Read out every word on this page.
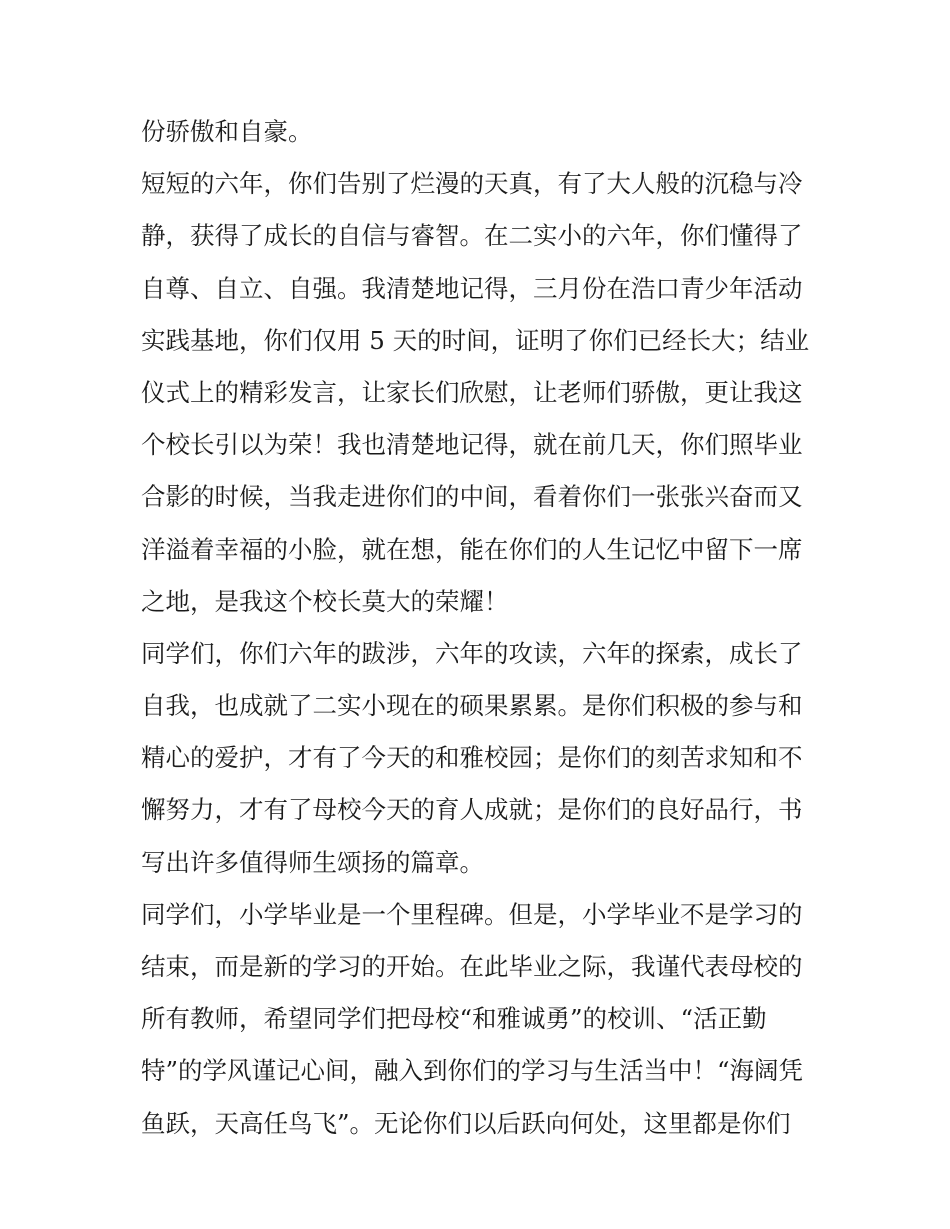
份骄傲和自豪。
短短的六年，你们告别了烂漫的天真，有了大人般的沉稳与冷
静，获得了成长的自信与睿智。在二实小的六年，你们懂得了
自尊、自立、自强。我清楚地记得，三月份在浩口青少年活动
实践基地，你们仅用 5 天的时间，证明了你们已经长大；结业
仪式上的精彩发言，让家长们欣慰，让老师们骄傲，更让我这
个校长引以为荣！我也清楚地记得，就在前几天，你们照毕业
合影的时候，当我走进你们的中间，看着你们一张张兴奋而又
洋溢着幸福的小脸，就在想，能在你们的人生记忆中留下一席
之地，是我这个校长莫大的荣耀！
同学们，你们六年的跋涉，六年的攻读，六年的探索，成长了
自我，也成就了二实小现在的硕果累累。是你们积极的参与和
精心的爱护，才有了今天的和雅校园；是你们的刻苦求知和不
懈努力，才有了母校今天的育人成就；是你们的良好品行，书
写出许多值得师生颂扬的篇章。
同学们，小学毕业是一个里程碑。但是，小学毕业不是学习的
结束，而是新的学习的开始。在此毕业之际，我谨代表母校的
所有教师，希望同学们把母校“和雅诚勇”的校训、“活正勤
特”的学风谨记心间，融入到你们的学习与生活当中！“海阔凭
鱼跃，天高任鸟飞”。无论你们以后跃向何处，这里都是你们
